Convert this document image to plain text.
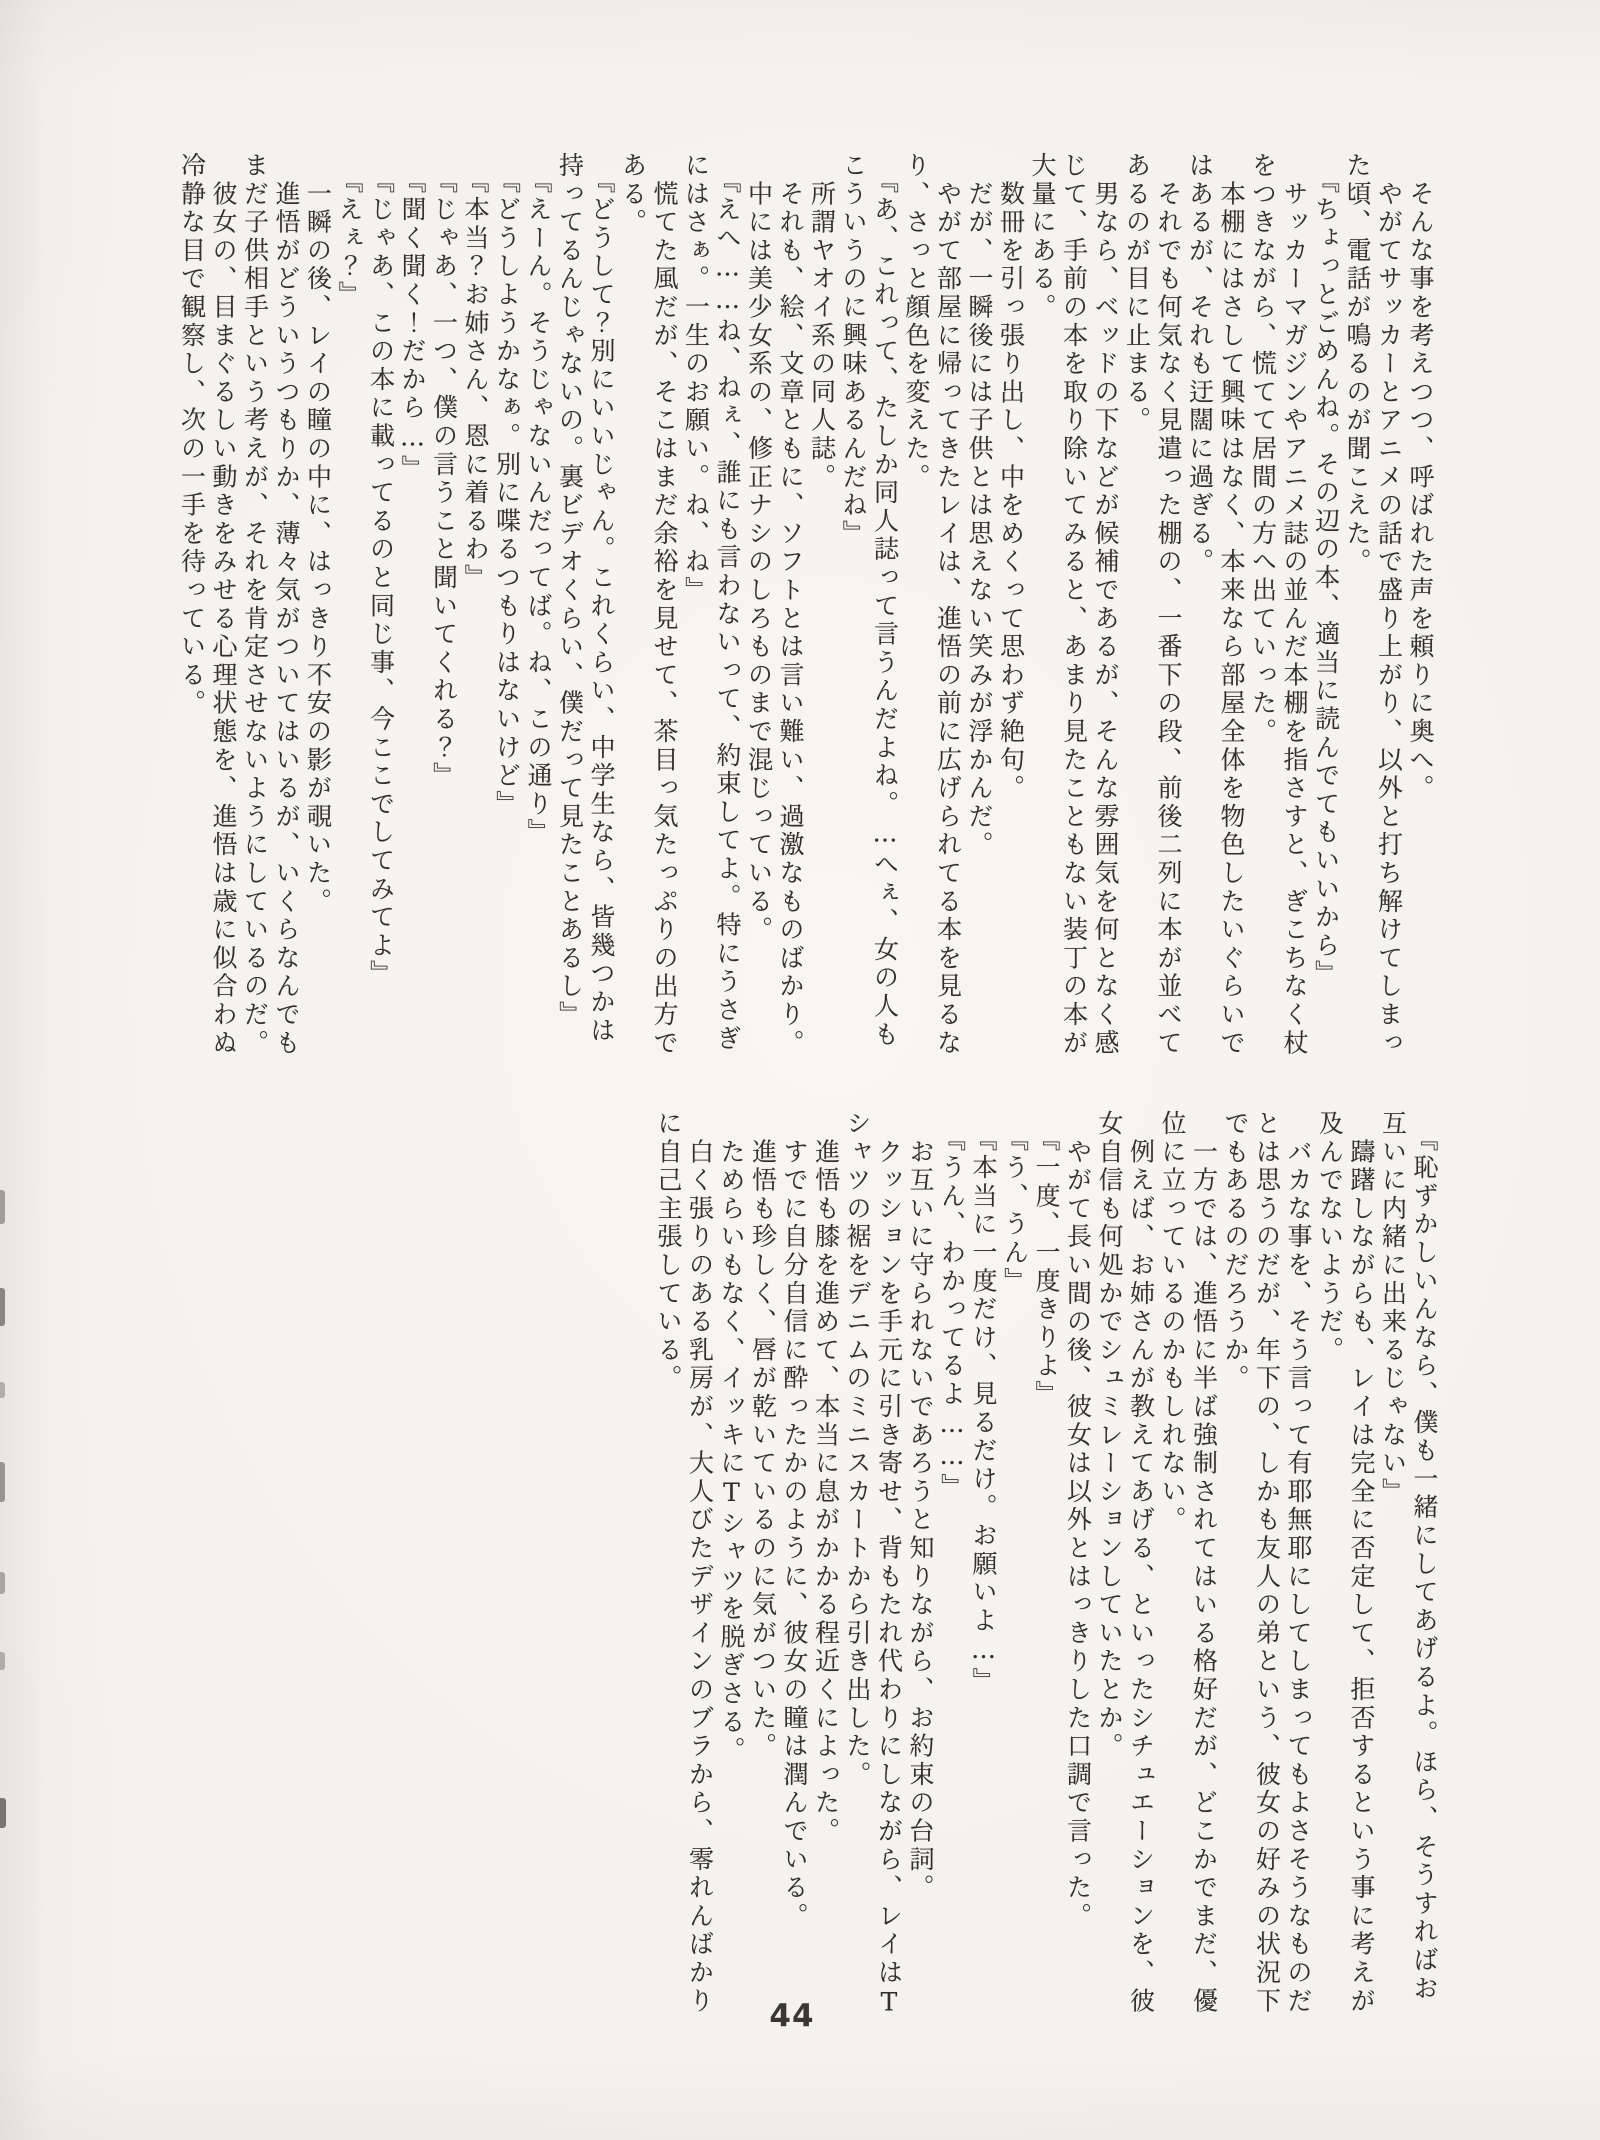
　そんな事を考えつつ、呼ばれた声を頼りに奥へ。
　やがてサッカーとアニメの話で盛り上がり、以外と打ち解けてしまっ
た頃、電話が鳴るのが聞こえた。
　『ちょっとごめんね。その辺の本、適当に読んでてもいいから』
　サッカーマガジンやアニメ誌の並んだ本棚を指さすと、ぎこちなく杖
をつきながら、慌てて居間の方へ出ていった。
　本棚にはさして興味はなく、本来なら部屋全体を物色したいぐらいで
はあるが、それも迂闊に過ぎる。
　それでも何気なく見遣った棚の、一番下の段、前後二列に本が並べて
あるのが目に止まる。
　男なら、ベッドの下などが候補であるが、そんな雰囲気を何となく感
じて、手前の本を取り除いてみると、あまり見たこともない装丁の本が
大量にある。
　数冊を引っ張り出し、中をめくって思わず絶句。
　だが、一瞬後には子供とは思えない笑みが浮かんだ。
　やがて部屋に帰ってきたレイは、進悟の前に広げられてる本を見るな
り、さっと顔色を変えた。
　『あ、これって、たしか同人誌って言うんだよね。…へぇ、女の人も
こういうのに興味あるんだね』
　所謂ヤオイ系の同人誌。
　それも、絵、文章ともに、ソフトとは言い難い、過激なものばかり。
　中には美少女系の、修正ナシのしろものまで混じっている。
　『えへ……ね、ねぇ、誰にも言わないって、約束してよ。特にうさぎ
にはさぁ。一生のお願い。ね、ね』
　慌てた風だが、そこはまだ余裕を見せて、茶目っ気たっぷりの出方で
ある。
　『どうして？別にいいじゃん。これくらい、中学生なら、皆幾つかは
持ってるんじゃないの。裏ビデオくらい、僕だって見たことあるし』
　『えーん。そうじゃないんだってば。ね、この通り』
　『どうしようかなぁ。別に喋るつもりはないけど』
　『本当？お姉さん、恩に着るわ』
　『じゃあ、一つ、僕の言うこと聞いてくれる？』
　『聞く聞く！だから…』
　『じゃあ、この本に載ってるのと同じ事、今ここでしてみてよ』
　『えぇ？』
　一瞬の後、レイの瞳の中に、はっきり不安の影が覗いた。
　進悟がどういうつもりか、薄々気がついてはいるが、いくらなんでも
まだ子供相手という考えが、それを肯定させないようにしているのだ。
　彼女の、目まぐるしい動きをみせる心理状態を、進悟は歳に似合わぬ
冷静な目で観察し、次の一手を待っている。
　『恥ずかしいんなら、僕も一緒にしてあげるよ。ほら、そうすればお
互いに内緒に出来るじゃない』
　躊躇しながらも、レイは完全に否定して、拒否するという事に考えが
及んでないようだ。
　バカな事を、そう言って有耶無耶にしてしまってもよさそうなものだ
とは思うのだが、年下の、しかも友人の弟という、彼女の好みの状況下
でもあるのだろうか。
　一方では、進悟に半ば強制されてはいる格好だが、どこかでまだ、優
位に立っているのかもしれない。
　例えば、お姉さんが教えてあげる、といったシチュエーションを、彼
女自信も何処かでシュミレーションしていたとか。
　やがて長い間の後、彼女は以外とはっきりした口調で言った。
　『一度、一度きりよ』
　『う、うん』
　『本当に一度だけ、見るだけ。お願いよ…』
　『うん、わかってるよ……』
　お互いに守られないであろうと知りながら、お約束の台詞。
　クッションを手元に引き寄せ、背もたれ代わりにしながら、レイはT
シャツの裾をデニムのミニスカートから引き出した。
　進悟も膝を進めて、本当に息がかかる程近くによった。
　すでに自分自信に酔ったかのように、彼女の瞳は潤んでいる。
　進悟も珍しく、唇が乾いているのに気がついた。
　ためらいもなく、イッキにTシャツを脱ぎさる。
　白く張りのある乳房が、大人びたデザインのブラから、零れんばかり
に自己主張している。
44
